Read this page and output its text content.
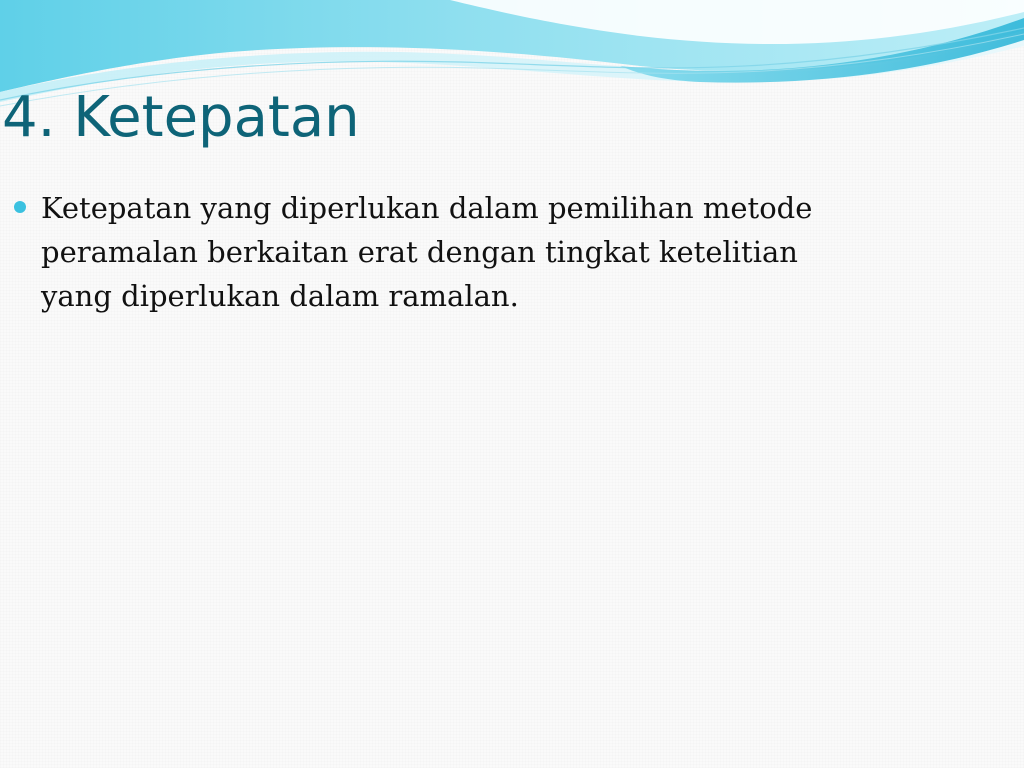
4. Ketepatan
Ketepatan yang diperlukan dalam pemilihan metode
peramalan berkaitan erat dengan tingkat ketelitian
yang diperlukan dalam ramalan.
